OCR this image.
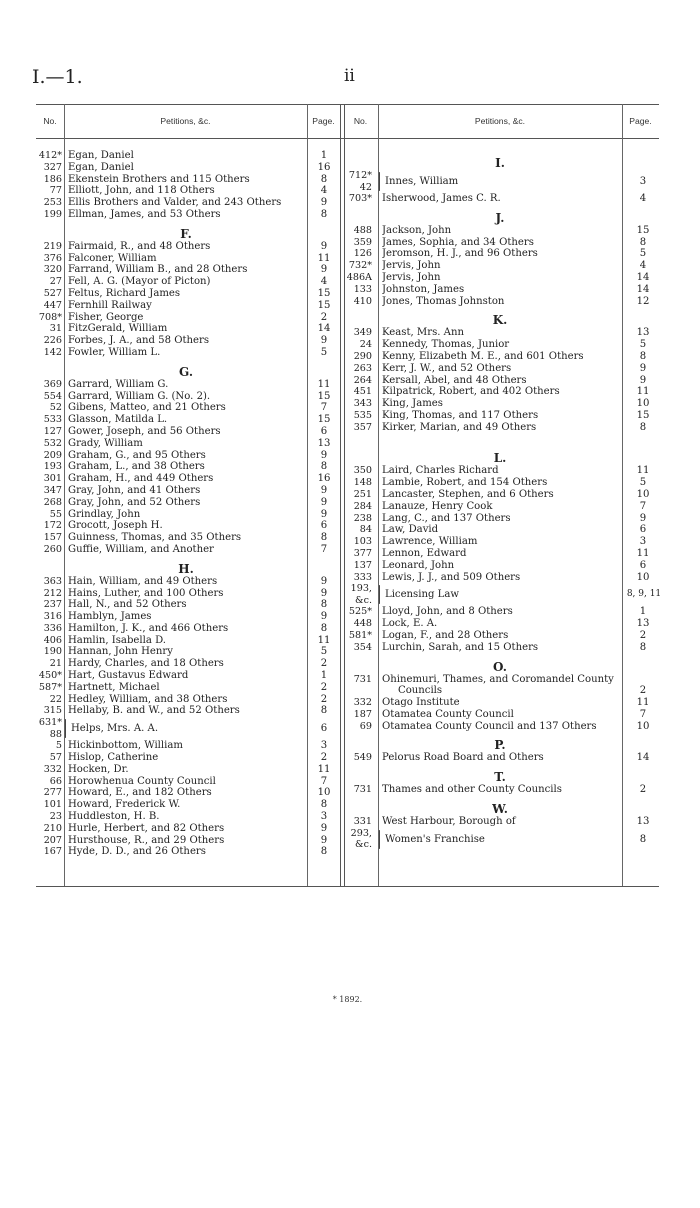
I.—1.	ii
No.	Petitions, &c.	Page.	No.	Petitions, &c.	Page.
412* Egan, Daniel	1
327 Egan, Daniel	16
186 Ekenstein Brothers and 115 Others	8
77 Elliott, John, and 118 Others	4
253 Ellis Brothers and Valder, and 243 Others	9
199 Ellman, James, and 53 Others	8
F.
219 Fairmaid, R., and 48 Others	9
376 Falconer, William	11
320 Farrand, William B., and 28 Others	9
27 Fell, A. G. (Mayor of Picton)	4
527 Feltus, Richard James	15
447 Fernhill Railway	15
708* Fisher, George	2
31 FitzGerald, William	14
226 Forbes, J. A., and 58 Others	9
142 Fowler, William L.	5
G.
369 Garrard, William G.	11
554 Garrard, William G. (No. 2).	15
52 Gibens, Matteo, and 21 Others	7
533 Glasson, Matilda L.	15
127 Gower, Joseph, and 56 Others	6
532 Grady, William	13
209 Graham, G., and 95 Others	9
193 Graham, L., and 38 Others	8
301 Graham, H., and 449 Others	16
347 Gray, John, and 41 Others	9
268 Gray, John, and 52 Others	9
55 Grindlay, John	9
172 Grocott, Joseph H.	6
157 Guinness, Thomas, and 35 Others	8
260 Guffie, William, and Another	7
H.
363 Hain, William, and 49 Others	9
212 Hains, Luther, and 100 Others	9
237 Hall, N., and 52 Others	8
316 Hamblyn, James	9
336 Hamilton, J. K., and 466 Others	8
406 Hamlin, Isabella D.	11
190 Hannan, John Henry	5
21 Hardy, Charles, and 18 Others	2
450* Hart, Gustavus Edward	1
587* Hartnett, Michael	2
22 Hedley, William, and 38 Others	2
315 Hellaby, B. and W., and 52 Others	8
631*
88 Helps, Mrs. A. A.	6
5 Hickinbottom, William	3
57 Hislop, Catherine	2
332 Hocken, Dr.	11
66 Horowhenua County Council	7
277 Howard, E., and 182 Others	10
101 Howard, Frederick W.	8
23 Huddleston, H. B.	3
210 Hurle, Herbert, and 82 Others	9
207 Hursthouse, R., and 29 Others	9
167 Hyde, D. D., and 26 Others	8
I.
712*
42 Innes, William	3
703* Isherwood, James C. R.	4
J.
488 Jackson, John	15
359 James, Sophia, and 34 Others	8
126 Jeromson, H. J., and 96 Others	5
732* Jervis, John	4
486A Jervis, John	14
133 Johnston, James	14
410 Jones, Thomas Johnston	12
K.
349 Keast, Mrs. Ann	13
24 Kennedy, Thomas, Junior	5
290 Kenny, Elizabeth M. E., and 601 Others	8
263 Kerr, J. W., and 52 Others	9
264 Kersall, Abel, and 48 Others	9
451 Kilpatrick, Robert, and 402 Others	11
343 King, James	10
535 King, Thomas, and 117 Others	15
357 Kirker, Marian, and 49 Others	8
L.
350 Laird, Charles Richard	11
148 Lambie, Robert, and 154 Others	5
251 Lancaster, Stephen, and 6 Others	10
284 Lanauze, Henry Cook	7
238 Lang, C., and 137 Others	9
84 Law, David	6
103 Lawrence, William	3
377 Lennon, Edward	11
137 Leonard, John	6
333 Lewis, J. J., and 509 Others	10
193,
&c. Licensing Law	8, 9, 11
525* Lloyd, John, and 8 Others	1
448 Lock, E. A.	13
581* Logan, F., and 28 Others	2
354 Lurchin, Sarah, and 15 Others	8
O.
731 Ohinemuri, Thames, and Coromandel County
Councils	2
332 Otago Institute	11
187 Otamatea County Council	7
69 Otamatea County Council and 137 Others	10
P.
549 Pelorus Road Board and Others	14
T.
731 Thames and other County Councils	2
W.
331 West Harbour, Borough of	13
293,
&c. Women's Franchise	8
* 1892.
